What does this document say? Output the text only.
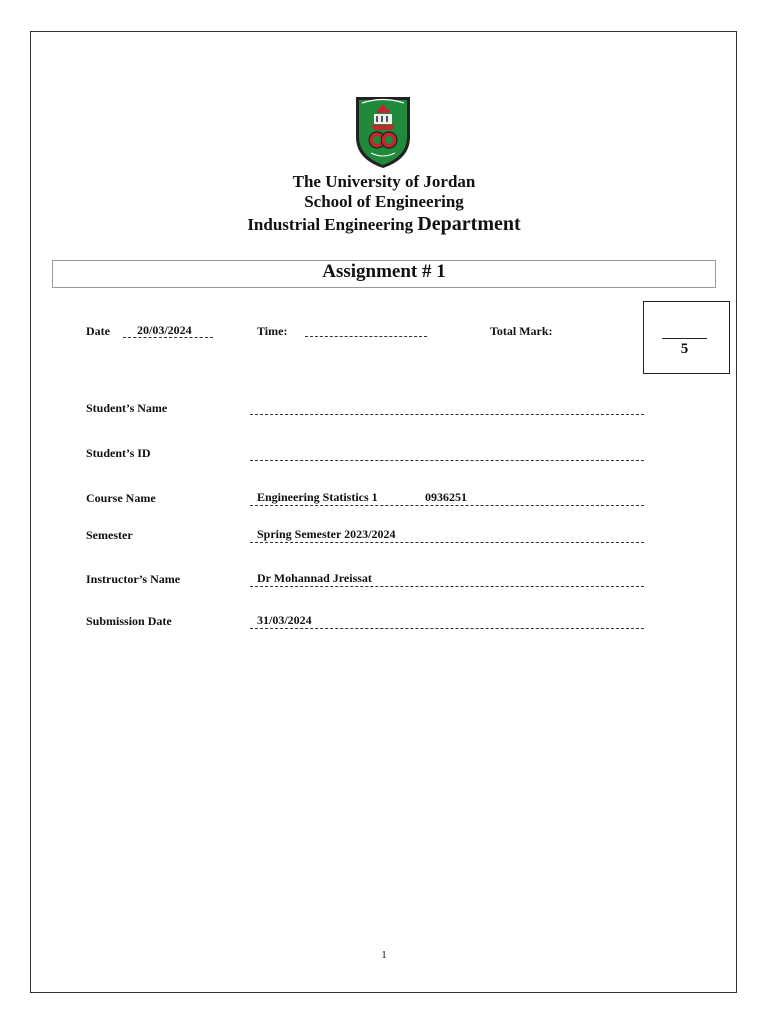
The University of Jordan
School of Engineering
Industrial Engineering Department
Assignment # 1
Date 20/03/2024	Time:	Total Mark:
5
Student’s Name
Student’s ID
Course Name	Engineering Statistics 1	0936251
Semester	Spring Semester 2023/2024
Instructor’s Name	Dr Mohannad Jreissat
Submission Date	31/03/2024
1
